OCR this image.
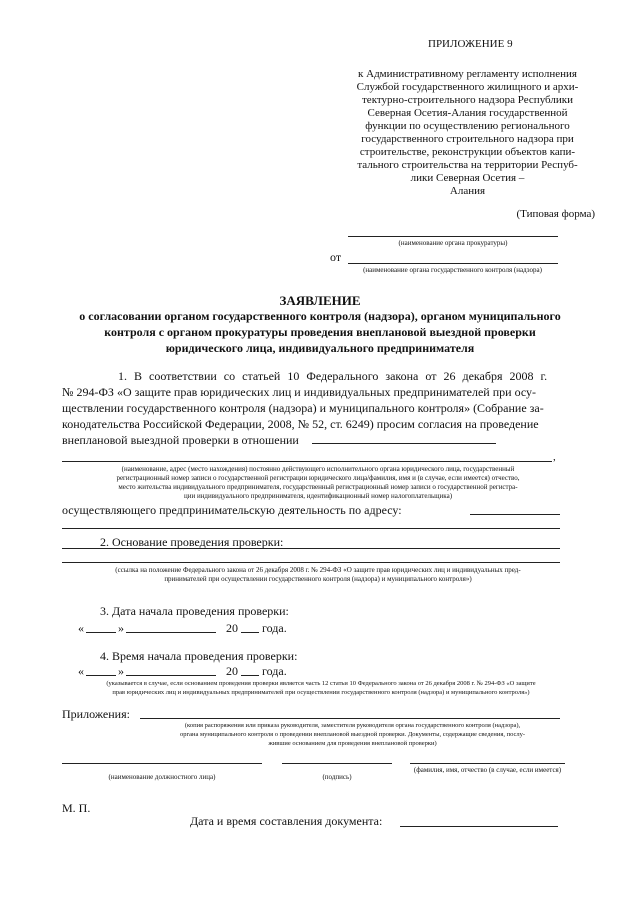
ПРИЛОЖЕНИЕ 9
к Административному регламенту исполнения
Службой государственного жилищного и архи-
тектурно-строительного надзора Республики
Северная Осетия-Алания государственной
функции по осуществлению регионального
государственного строительного надзора при
строительстве, реконструкции объектов капи-
тального строительства на территории Респуб-
лики Северная Осетия –
Алания
(Типовая форма)
(наименование органа прокуратуры)
от
(наименование органа государственного контроля (надзора)
ЗАЯВЛЕНИЕ
о согласовании органом государственного контроля (надзора), органом муниципального
контроля с органом прокуратуры проведения внеплановой выездной проверки
юридического лица, индивидуального предпринимателя
1. В соответствии со статьей 10 Федерального закона от 26 декабря 2008 г.
№ 294-ФЗ «О защите прав юридических лиц и индивидуальных предпринимателей при осу-
ществлении государственного контроля (надзора) и муниципального контроля» (Собрание за-
конодательства Российской Федерации, 2008, № 52, ст. 6249) просим согласия на проведение
внеплановой выездной проверки в отношении
,
(наименование, адрес (место нахождения) постоянно действующего исполнительного органа юридического лица, государственный
регистрационный номер записи о государственной регистрации юридического лица/фамилия, имя и (в случае, если имеется) отчество,
место жительства индивидуального предпринимателя, государственный регистрационный номер записи о государственной регистра-
ции индивидуального предпринимателя, идентификационный номер налогоплательщика)
осуществляющего предпринимательскую деятельность по адресу:
2. Основание проведения проверки:
(ссылка на положение Федерального закона от 26 декабря 2008 г. № 294-ФЗ «О защите прав юридических лиц и индивидуальных пред-
принимателей при осуществлении государственного контроля (надзора) и муниципального контроля»)
3. Дата начала проведения проверки:
«	»	20 года.
4. Время начала проведения проверки:
«	»	20 года.
(указывается в случае, если основанием проведения проверки является часть 12 статьи 10 Федерального закона от 26 декабря 2008 г. № 294-ФЗ «О защите
прав юридических лиц и индивидуальных предпринимателей при осуществлении государственного контроля (надзора) и муниципального контроля»)
Приложения:
(копия распоряжения или приказа руководителя, заместителя руководителя органа государственного контроля (надзора),
органа муниципального контроля о проведении внеплановой выездной проверки. Документы, содержащие сведения, послу-
жившие основанием для проведения внеплановой проверки)
(наименование должностного лица)	(подпись)
(фамилия, имя, отчество (в случае, если имеется)
М. П.
Дата и время составления документа:
